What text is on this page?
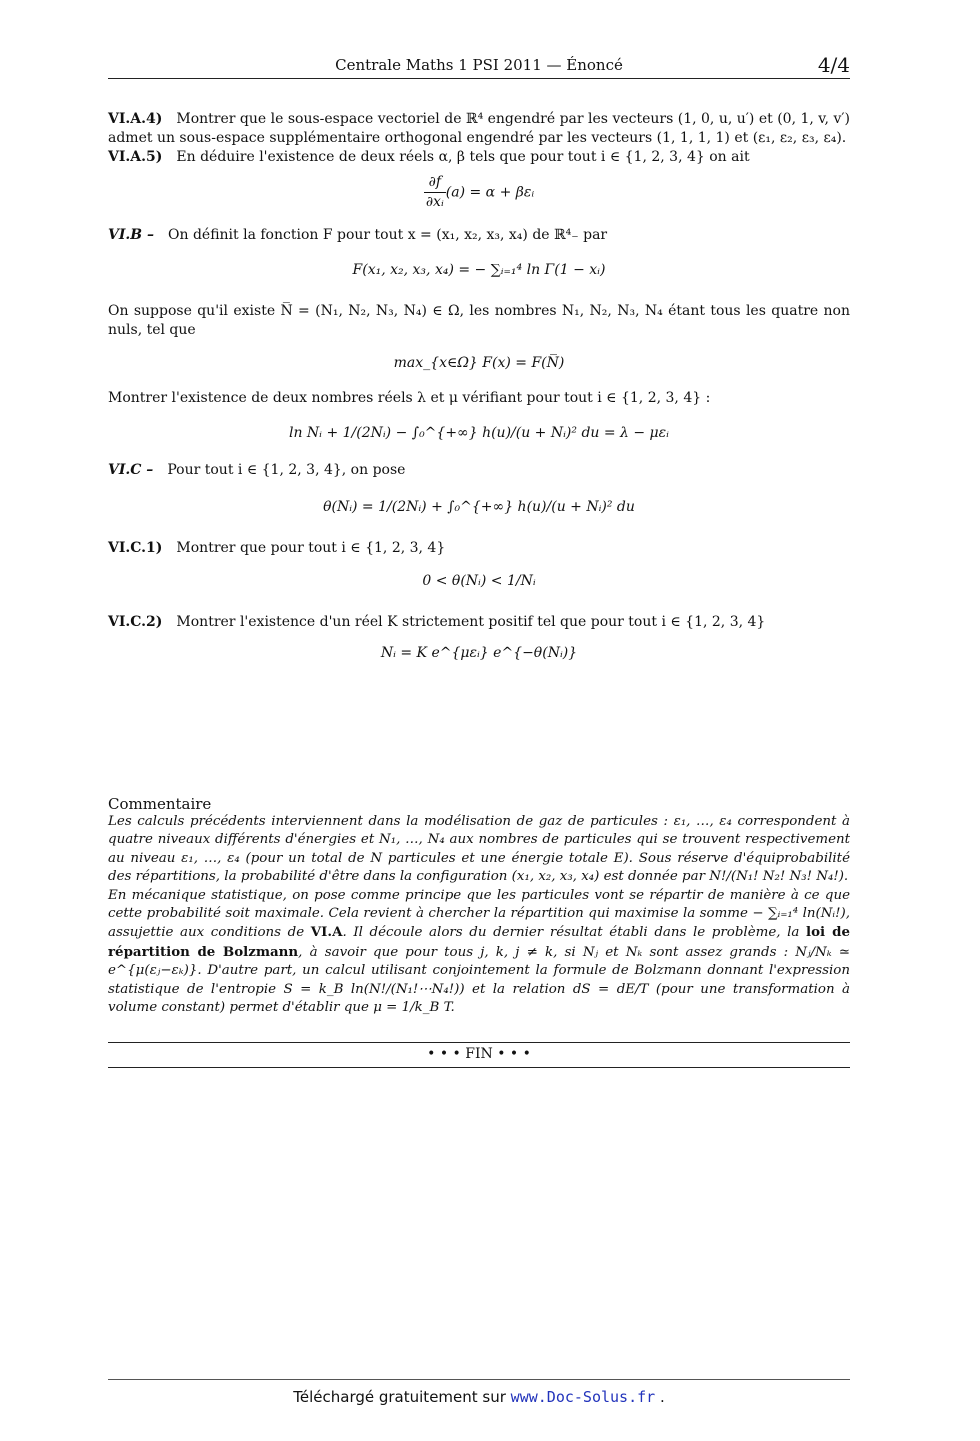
Centrale Maths 1 PSI 2011 — Énoncé	4/4

VI.A.4) Montrer que le sous-espace vectoriel de ℝ⁴ engendré par les vecteurs (1, 0, u, u′) et (0, 1, v, v′) admet un sous-espace supplémentaire orthogonal engendré par les vecteurs (1, 1, 1, 1) et (ε₁, ε₂, ε₃, ε₄).

VI.A.5) En déduire l'existence de deux réels α, β tels que pour tout i ∈ {1, 2, 3, 4} on ait

$\frac{\partial f}{\text{∂xᵢ}} (a) = \alpha$ + βεᵢ

VI.B – On définit la fonction F pour tout x = (x₁, x₂, x₃, x₄) de ℝ⁴₋ par

F(x₁, x₂, x₃, x₄) = − ∑ᵢ₌₁⁴ ln Γ(1 − xᵢ)

On suppose qu'il existe N̅ = (N₁, N₂, N₃, N₄) ∈ Ω, les nombres N₁, N₂, N₃, N₄ étant tous les quatre non nuls, tel que

max_{x∈Ω} F(x) = F(N̅)

Montrer l'existence de deux nombres réels λ et μ vérifiant pour tout i ∈ {1, 2, 3, 4} :

ln Nᵢ + 1/(2Nᵢ) − ∫₀^{+∞} h(u)/(u + Nᵢ)² du = λ − μεᵢ

VI.C – Pour tout i ∈ {1, 2, 3, 4}, on pose

θ(Nᵢ) = 1/(2Nᵢ) + ∫₀^{+∞} h(u)/(u + Nᵢ)² du

VI.C.1) Montrer que pour tout i ∈ {1, 2, 3, 4}

0 < θ(Nᵢ) < 1/Nᵢ

VI.C.2) Montrer l'existence d'un réel K strictement positif tel que pour tout i ∈ {1, 2, 3, 4}

Nᵢ = K e^{μεᵢ} e^{−θ(Nᵢ)}
Commentaire

Les calculs précédents interviennent dans la modélisation de gaz de particules : ε₁, …, ε₄ correspondent à quatre niveaux différents d'énergies et N₁, …, N₄ aux nombres de particules qui se trouvent respectivement au niveau ε₁, …, ε₄ (pour un total de N particules et une énergie totale E). Sous réserve d'équiprobabilité des répartitions, la probabilité d'être dans la configuration (x₁, x₂, x₃, x₄) est donnée par N!/(N₁! N₂! N₃! N₄!).

En mécanique statistique, on pose comme principe que les particules vont se répartir de manière à ce que cette probabilité soit maximale. Cela revient à chercher la répartition qui maximise la somme − ∑ᵢ₌₁⁴ ln(Nᵢ!), assujettie aux conditions de VI.A. Il découle alors du dernier résultat établi dans le problème, la loi de répartition de Bolzmann, à savoir que pour tous j, k, j ≠ k, si Nⱼ et Nₖ sont assez grands : Nⱼ/Nₖ ≃ e^{μ(εⱼ−εₖ)}. D'autre part, un calcul utilisant conjointement la formule de Bolzmann donnant l'expression statistique de l'entropie S = k_B ln(N!/(N₁!⋯N₄!)) et la relation dS = dE/T (pour une transformation à volume constant) permet d'établir que μ = 1/k_B T.

• • • FIN • • •
Téléchargé gratuitement sur www.Doc-Solus.fr .
